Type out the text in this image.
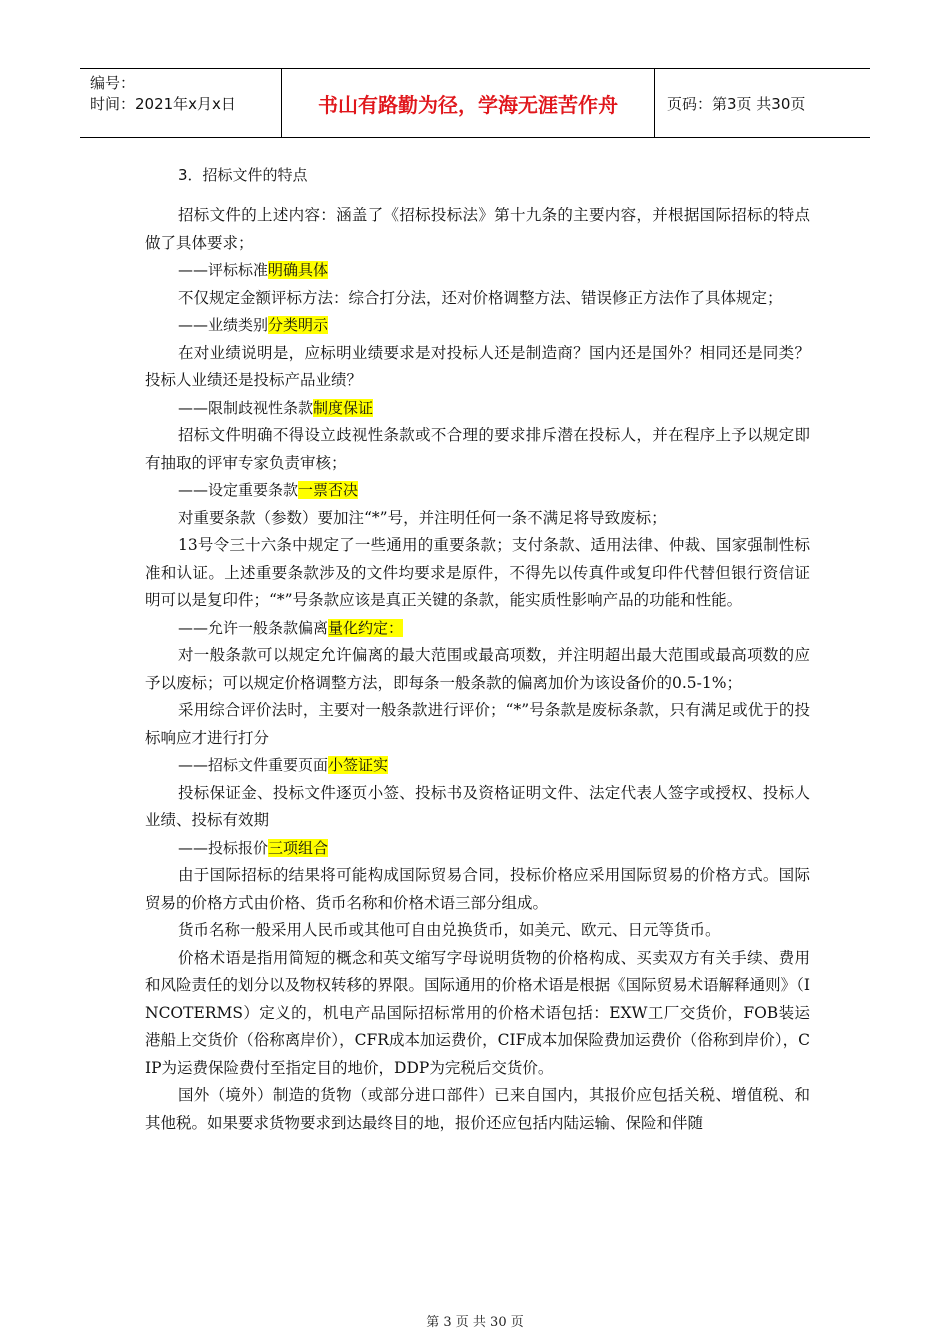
编号：
时间：2021年x月x日	书山有路勤为径，学海无涯苦作舟	页码：第3页 共30页

3．招标文件的特点

招标文件的上述内容：涵盖了《招标投标法》第十九条的主要内容，并根据国际招标的特点做了具体要求；

——评标标准明确具体

不仅规定金额评标方法：综合打分法，还对价格调整方法、错误修正方法作了具体规定；

——业绩类别分类明示

在对业绩说明是，应标明业绩要求是对投标人还是制造商？国内还是国外？相同还是同类？投标人业绩还是投标产品业绩？

——限制歧视性条款制度保证

招标文件明确不得设立歧视性条款或不合理的要求排斥潜在投标人，并在程序上予以规定即有抽取的评审专家负责审核；

——设定重要条款一票否决

对重要条款（参数）要加注“*”号，并注明任何一条不满足将导致废标；

13号令三十六条中规定了一些通用的重要条款；支付条款、适用法律、仲裁、国家强制性标准和认证。上述重要条款涉及的文件均要求是原件，不得先以传真件或复印件代替但银行资信证明可以是复印件；“*”号条款应该是真正关键的条款，能实质性影响产品的功能和性能。

——允许一般条款偏离量化约定：

对一般条款可以规定允许偏离的最大范围或最高项数，并注明超出最大范围或最高项数的应予以废标；可以规定价格调整方法，即每条一般条款的偏离加价为该设备价的0.5-1%；

采用综合评价法时，主要对一般条款进行评价；“*”号条款是废标条款，只有满足或优于的投标响应才进行打分

——招标文件重要页面小签证实

投标保证金、投标文件逐页小签、投标书及资格证明文件、法定代表人签字或授权、投标人业绩、投标有效期

——投标报价三项组合

由于国际招标的结果将可能构成国际贸易合同，投标价格应采用国际贸易的价格方式。国际贸易的价格方式由价格、货币名称和价格术语三部分组成。

货币名称一般采用人民币或其他可自由兑换货币，如美元、欧元、日元等货币。

价格术语是指用简短的概念和英文缩写字母说明货物的价格构成、买卖双方有关手续、费用和风险责任的划分以及物权转移的界限。国际通用的价格术语是根据《国际贸易术语解释通则》（INCOTERMS）定义的，机电产品国际招标常用的价格术语包括：EXW工厂交货价，FOB装运港船上交货价（俗称离岸价），CFR成本加运费价，CIF成本加保险费加运费价（俗称到岸价），CIP为运费保险费付至指定目的地价，DDP为完税后交货价。

国外（境外）制造的货物（或部分进口部件）已来自国内，其报价应包括关税、增值税、和其他税。如果要求货物要求到达最终目的地，报价还应包括内陆运输、保险和伴随

第 3 页 共 30 页
